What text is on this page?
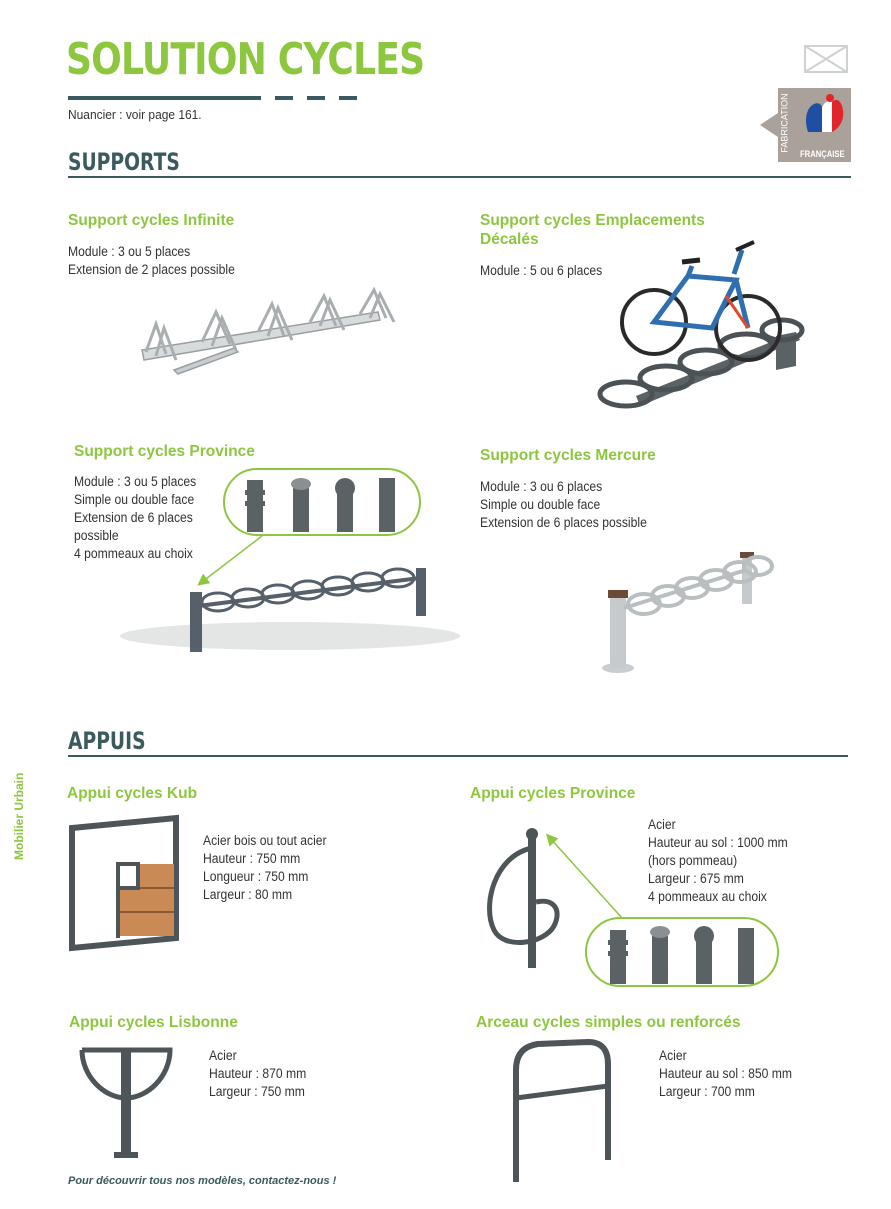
SOLUTION CYCLES
Nuancier : voir page 161.	FABRICATION
FRANÇAISE
SUPPORTS
Support cycles Infinite
Module : 3 ou 5 places
Extension de 2 places possible
Support cycles Emplacements
Décalés
Module : 5 ou 6 places
Support cycles Province
Module : 3 ou 5 places
Simple ou double face
Extension de 6 places
possible
4 pommeaux au choix
Support cycles Mercure
Module : 3 ou 6 places
Simple ou double face
Extension de 6 places possible
APPUIS
Mobilier Urbain	Appui cycles Kub
Acier bois ou tout acier
Hauteur : 750 mm
Longueur : 750 mm
Largeur : 80 mm
Appui cycles Province
Acier
Hauteur au sol : 1000 mm
(hors pommeau)
Largeur : 675 mm
4 pommeaux au choix
Appui cycles Lisbonne
Acier
Hauteur : 870 mm
Largeur : 750 mm
Arceau cycles simples ou renforcés
Acier
Hauteur au sol : 850 mm
Largeur : 700 mm
Pour découvrir tous nos modèles, contactez-nous !
